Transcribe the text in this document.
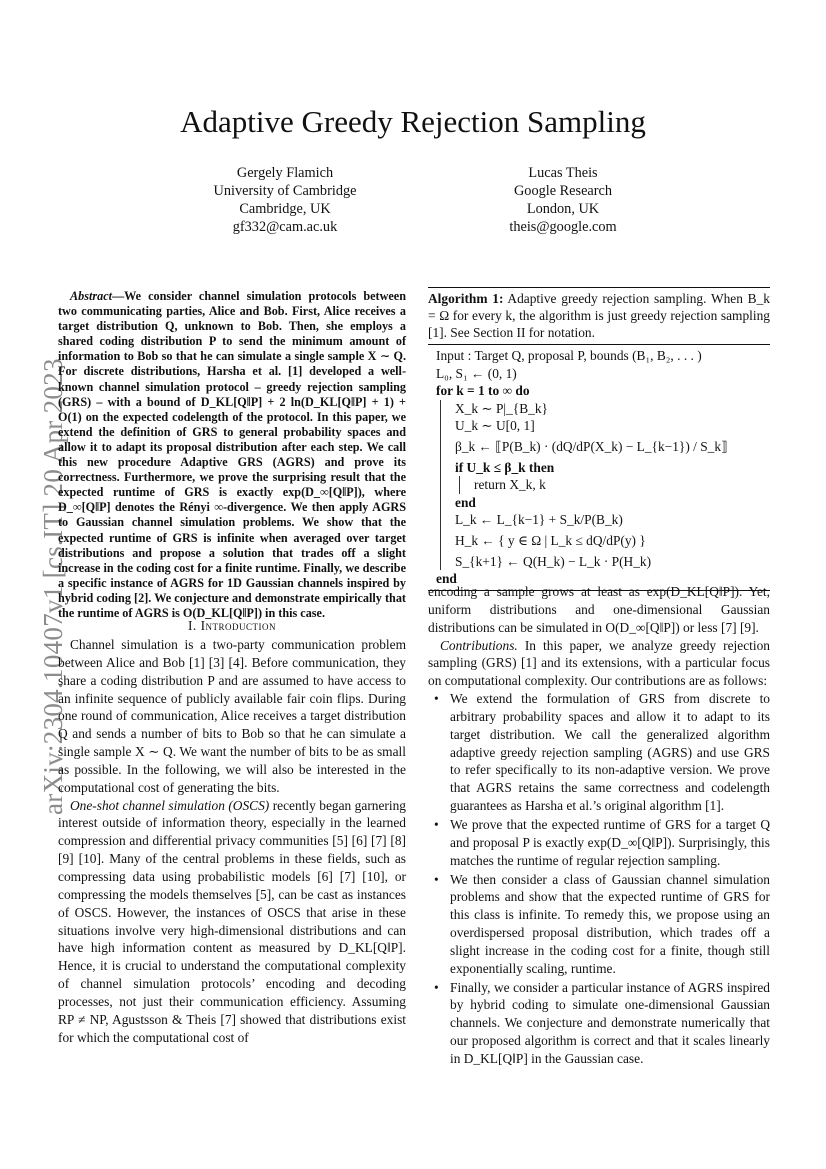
arXiv:2304.10407v1 [cs.IT] 20 Apr 2023
Adaptive Greedy Rejection Sampling
Gergely Flamich
University of Cambridge
Cambridge, UK
gf332@cam.ac.uk
Lucas Theis
Google Research
London, UK
theis@google.com
Abstract—We consider channel simulation protocols between two communicating parties, Alice and Bob. First, Alice receives a target distribution Q, unknown to Bob. Then, she employs a shared coding distribution P to send the minimum amount of information to Bob so that he can simulate a single sample X ∼ Q. For discrete distributions, Harsha et al. [1] developed a well-known channel simulation protocol – greedy rejection sampling (GRS) – with a bound of D_KL[Q‖P] + 2 ln(D_KL[Q‖P] + 1) + O(1) on the expected codelength of the protocol. In this paper, we extend the definition of GRS to general probability spaces and allow it to adapt its proposal distribution after each step. We call this new procedure Adaptive GRS (AGRS) and prove its correctness. Furthermore, we prove the surprising result that the expected runtime of GRS is exactly exp(D_∞[Q‖P]), where D_∞[Q‖P] denotes the Rényi ∞-divergence. We then apply AGRS to Gaussian channel simulation problems. We show that the expected runtime of GRS is infinite when averaged over target distributions and propose a solution that trades off a slight increase in the coding cost for a finite runtime. Finally, we describe a specific instance of AGRS for 1D Gaussian channels inspired by hybrid coding [2]. We conjecture and demonstrate empirically that the runtime of AGRS is O(D_KL[Q‖P]) in this case.
I. Introduction

Channel simulation is a two-party communication problem between Alice and Bob [1] [3] [4]. Before communication, they share a coding distribution P and are assumed to have access to an infinite sequence of publicly available fair coin flips. During one round of communication, Alice receives a target distribution Q and sends a number of bits to Bob so that he can simulate a single sample X ∼ Q. We want the number of bits to be as small as possible. In the following, we will also be interested in the computational cost of generating the bits.

One-shot channel simulation (OSCS) recently began garnering interest outside of information theory, especially in the learned compression and differential privacy communities [5] [6] [7] [8] [9] [10]. Many of the central problems in these fields, such as compressing data using probabilistic models [6] [7] [10], or compressing the models themselves [5], can be cast as instances of OSCS. However, the instances of OSCS that arise in these situations involve very high-dimensional distributions and can have high information content as measured by D_KL[Q‖P]. Hence, it is crucial to understand the computational complexity of channel simulation protocols’ encoding and decoding processes, not just their communication efficiency. Assuming RP ≠ NP, Agustsson & Theis [7] showed that distributions exist for which the computational cost of

Algorithm 1: Adaptive greedy rejection sampling. When B_k = Ω for every k, the algorithm is just greedy rejection sampling [1]. See Section II for notation.
Input : Target Q, proposal P, bounds (B₁, B₂, . . . )
L₀, S₁ ← (0, 1)
for k = 1 to ∞ do
X_k ∼ P|_{B_k}
U_k ∼ U[0, 1]
β_k ← ⟦P(B_k) · (dQ/dP(X_k) − L_{k−1}) / S_k⟧
if U_k ≤ β_k then
return X_k, k
end
L_k ← L_{k−1} + S_k/P(B_k)
H_k ← { y ∈ Ω | L_k ≤ dQ/dP(y) }
S_{k+1} ← Q(H_k) − L_k · P(H_k)
end

encoding a sample grows at least as exp(D_KL[Q‖P]). Yet, uniform distributions and one-dimensional Gaussian distributions can be simulated in O(D_∞[Q‖P]) or less [7] [9].

Contributions. In this paper, we analyze greedy rejection sampling (GRS) [1] and its extensions, with a particular focus on computational complexity. Our contributions are as follows:

• We extend the formulation of GRS from discrete to arbitrary probability spaces and allow it to adapt to its target distribution. We call the generalized algorithm adaptive greedy rejection sampling (AGRS) and use GRS to refer specifically to its non-adaptive version. We prove that AGRS retains the same correctness and codelength guarantees as Harsha et al.’s original algorithm [1].
• We prove that the expected runtime of GRS for a target Q and proposal P is exactly exp(D_∞[Q‖P]). Surprisingly, this matches the runtime of regular rejection sampling.
• We then consider a class of Gaussian channel simulation problems and show that the expected runtime of GRS for this class is infinite. To remedy this, we propose using an overdispersed proposal distribution, which trades off a slight increase in the coding cost for a finite, though still exponentially scaling, runtime.
• Finally, we consider a particular instance of AGRS inspired by hybrid coding to simulate one-dimensional Gaussian channels. We conjecture and demonstrate numerically that our proposed algorithm is correct and that it scales linearly in D_KL[Q‖P] in the Gaussian case.
